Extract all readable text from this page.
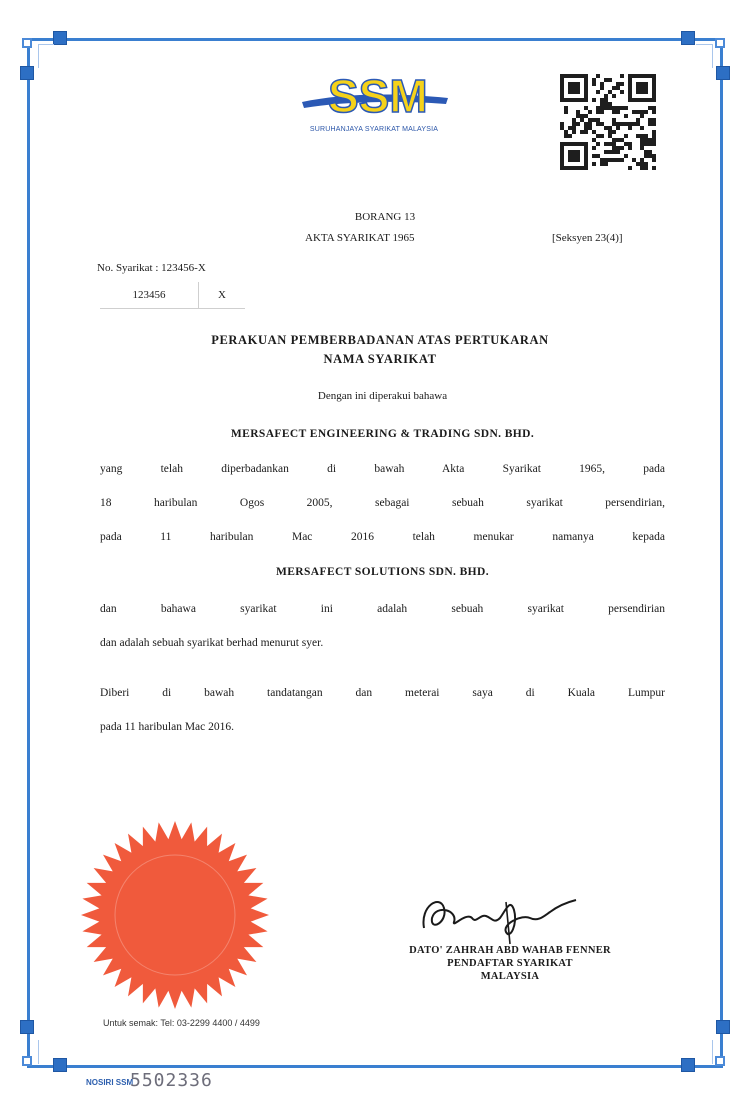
SSM
SURUHANJAYA SYARIKAT MALAYSIA
BORANG 13
AKTA SYARIKAT 1965	[Seksyen 23(4)]
No. Syarikat : 123456-X
123456	X
PERAKUAN PEMBERBADANAN ATAS PERTUKARAN
NAMA SYARIKAT
Dengan ini diperakui bahawa
MERSAFECT ENGINEERING & TRADING SDN. BHD.
yang telah diperbadankan di bawah Akta Syarikat 1965, pada
18 haribulan Ogos 2005, sebagai sebuah syarikat persendirian,
pada 11 haribulan Mac 2016 telah menukar namanya kepada
MERSAFECT SOLUTIONS SDN. BHD.
dan bahawa syarikat ini adalah sebuah syarikat persendirian
dan adalah sebuah syarikat berhad menurut syer.
Diberi di bawah tandatangan dan meterai saya di Kuala Lumpur
pada 11 haribulan Mac 2016.
DATO' ZAHRAH ABD WAHAB FENNER
PENDAFTAR SYARIKAT
MALAYSIA
Untuk semak: Tel: 03-2299 4400 / 4499
NOSIRI SSM
5502336
